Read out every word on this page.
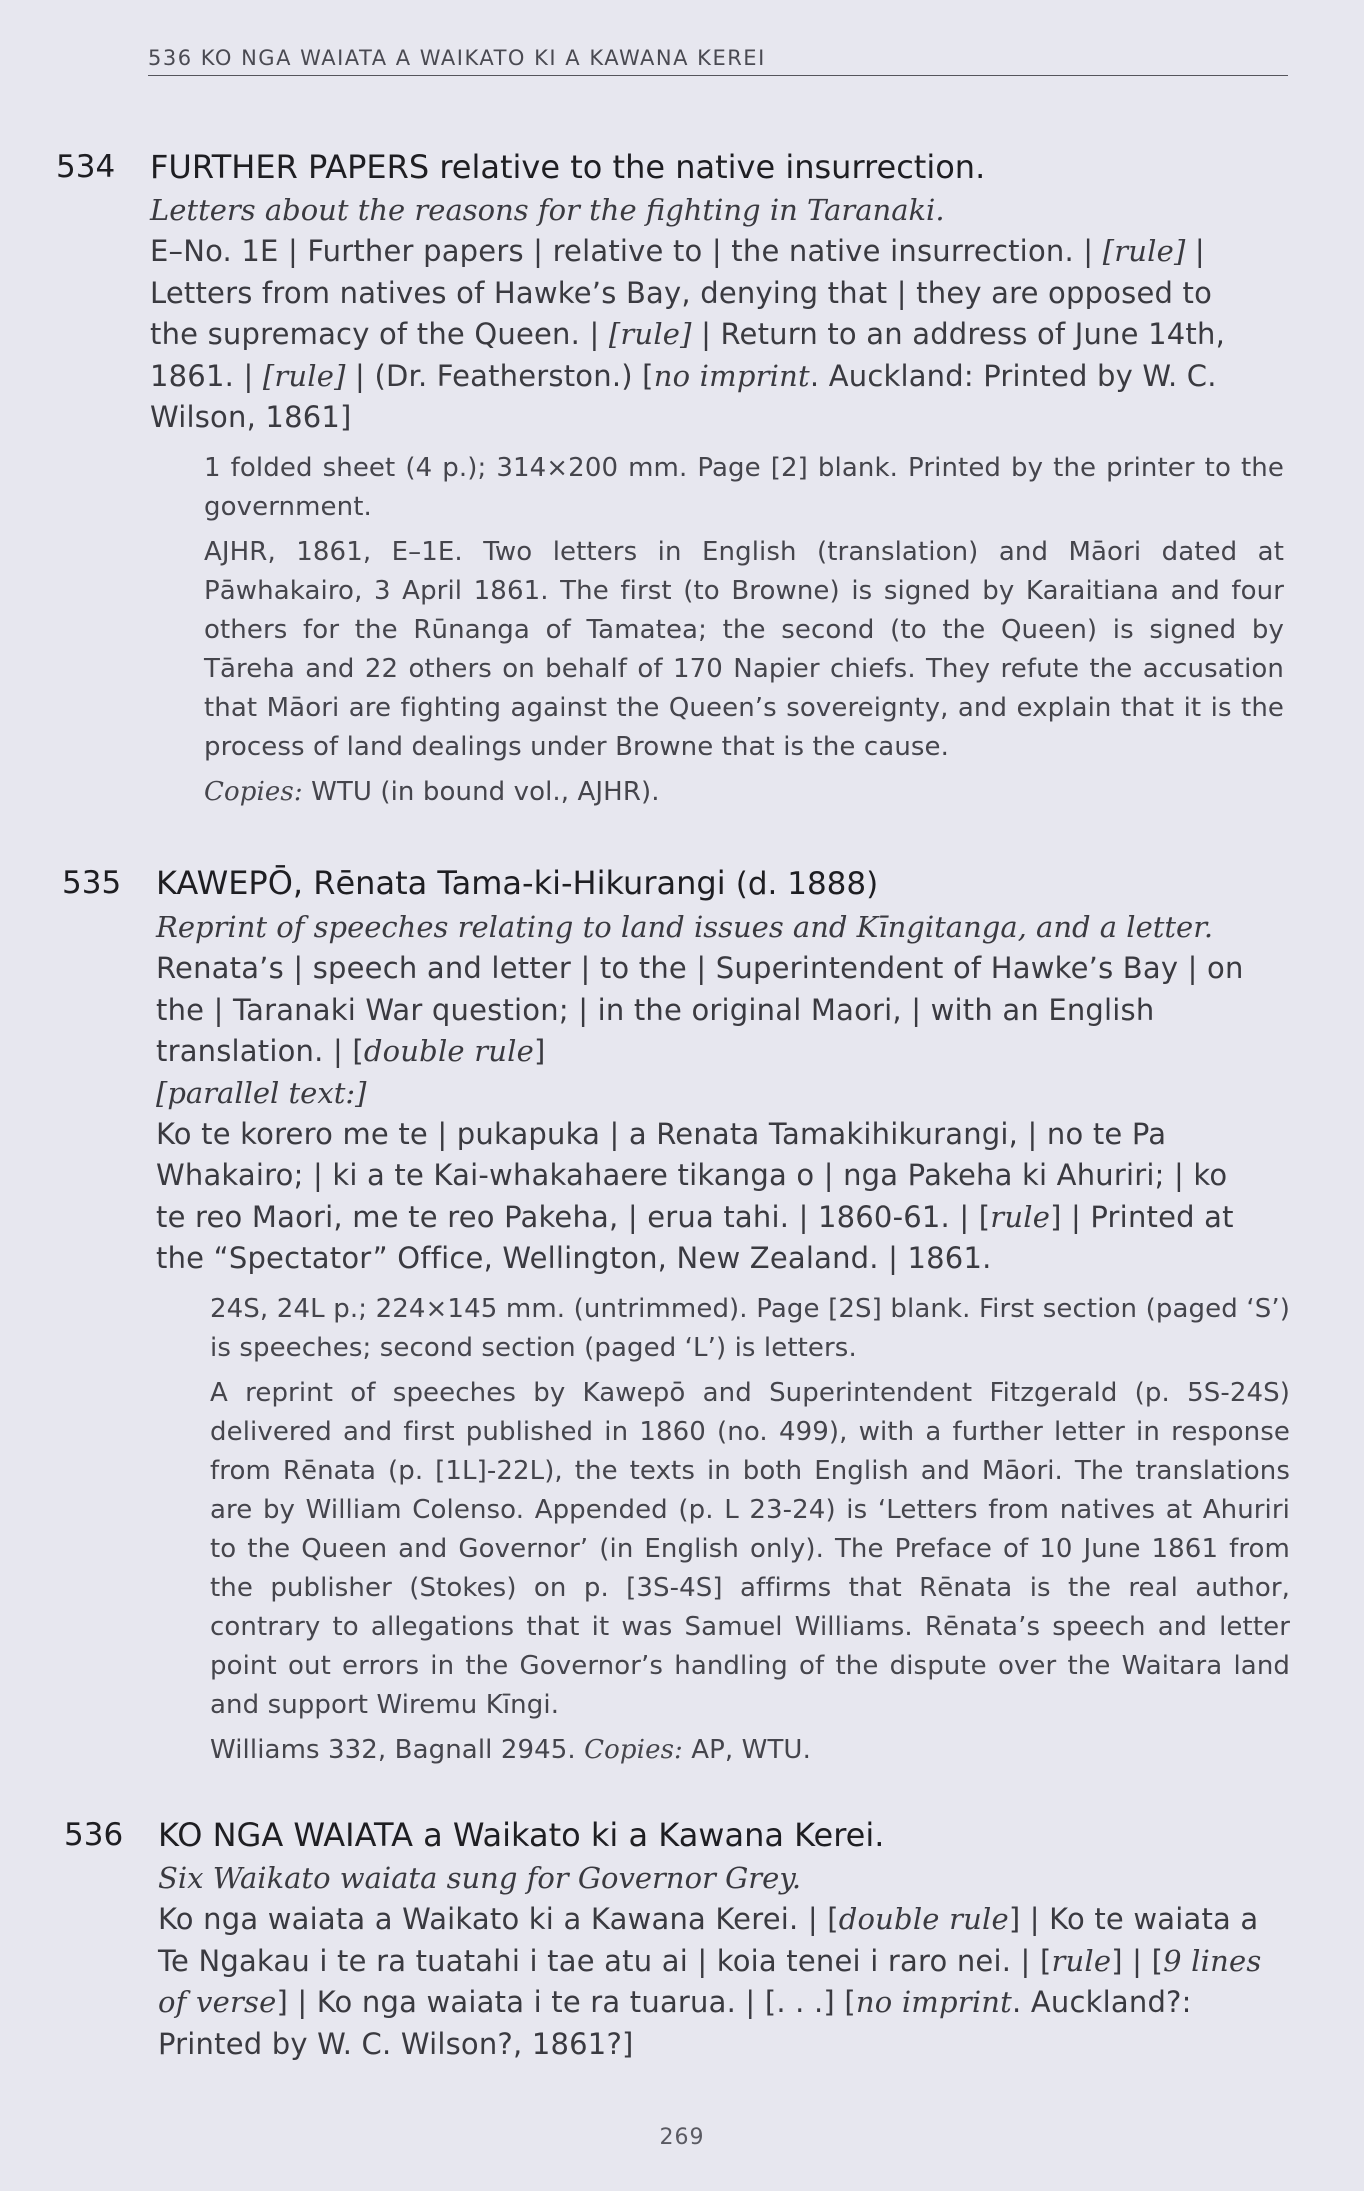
536 KO NGA WAIATA A WAIKATO KI A KAWANA KEREI
534 FURTHER PAPERS relative to the native insurrection.
Letters about the reasons for the fighting in Taranaki.
E–No. 1E | Further papers | relative to | the native insurrection. | [rule] | Letters from natives of Hawke’s Bay, denying that | they are opposed to the supremacy of the Queen. | [rule] | Return to an address of June 14th, 1861. | [rule] | (Dr. Featherston.) [no imprint. Auckland: Printed by W. C. Wilson, 1861]
1 folded sheet (4 p.); 314×200 mm. Page [2] blank. Printed by the printer to the government.
AJHR, 1861, E–1E. Two letters in English (translation) and Māori dated at Pāwhakairo, 3 April 1861. The first (to Browne) is signed by Karaitiana and four others for the Rūnanga of Tamatea; the second (to the Queen) is signed by Tāreha and 22 others on behalf of 170 Napier chiefs. They refute the accusation that Māori are fighting against the Queen’s sovereignty, and explain that it is the process of land dealings under Browne that is the cause.
Copies: WTU (in bound vol., AJHR).
535 KAWEPŌ, Rēnata Tama-ki-Hikurangi (d. 1888)
Reprint of speeches relating to land issues and Kīngitanga, and a letter.
Renata’s | speech and letter | to the | Superintendent of Hawke’s Bay | on the | Taranaki War question; | in the original Maori, | with an English translation. | [double rule]
[parallel text:]
Ko te korero me te | pukapuka | a Renata Tamakihikurangi, | no te Pa Whakairo; | ki a te Kai-whakahaere tikanga o | nga Pakeha ki Ahuriri; | ko te reo Maori, me te reo Pakeha, | erua tahi. | 1860-61. | [rule] | Printed at the “Spectator” Office, Wellington, New Zealand. | 1861.
24S, 24L p.; 224×145 mm. (untrimmed). Page [2S] blank. First section (paged ‘S’) is speeches; second section (paged ‘L’) is letters.
A reprint of speeches by Kawepō and Superintendent Fitzgerald (p. 5S-24S) delivered and first published in 1860 (no. 499), with a further letter in response from Rēnata (p. [1L]-22L), the texts in both English and Māori. The translations are by William Colenso. Appended (p. L 23-24) is ‘Letters from natives at Ahuriri to the Queen and Governor’ (in English only). The Preface of 10 June 1861 from the publisher (Stokes) on p. [3S-4S] affirms that Rēnata is the real author, contrary to allegations that it was Samuel Williams. Rēnata’s speech and letter point out errors in the Governor’s handling of the dispute over the Waitara land and support Wiremu Kīngi.
Williams 332, Bagnall 2945. Copies: AP, WTU.
536 KO NGA WAIATA a Waikato ki a Kawana Kerei.
Six Waikato waiata sung for Governor Grey.
Ko nga waiata a Waikato ki a Kawana Kerei. | [double rule] | Ko te waiata a Te Ngakau i te ra tuatahi i tae atu ai | koia tenei i raro nei. | [rule] | [9 lines of verse] | Ko nga waiata i te ra tuarua. | [. . .] [no imprint. Auckland?: Printed by W. C. Wilson?, 1861?]
269
